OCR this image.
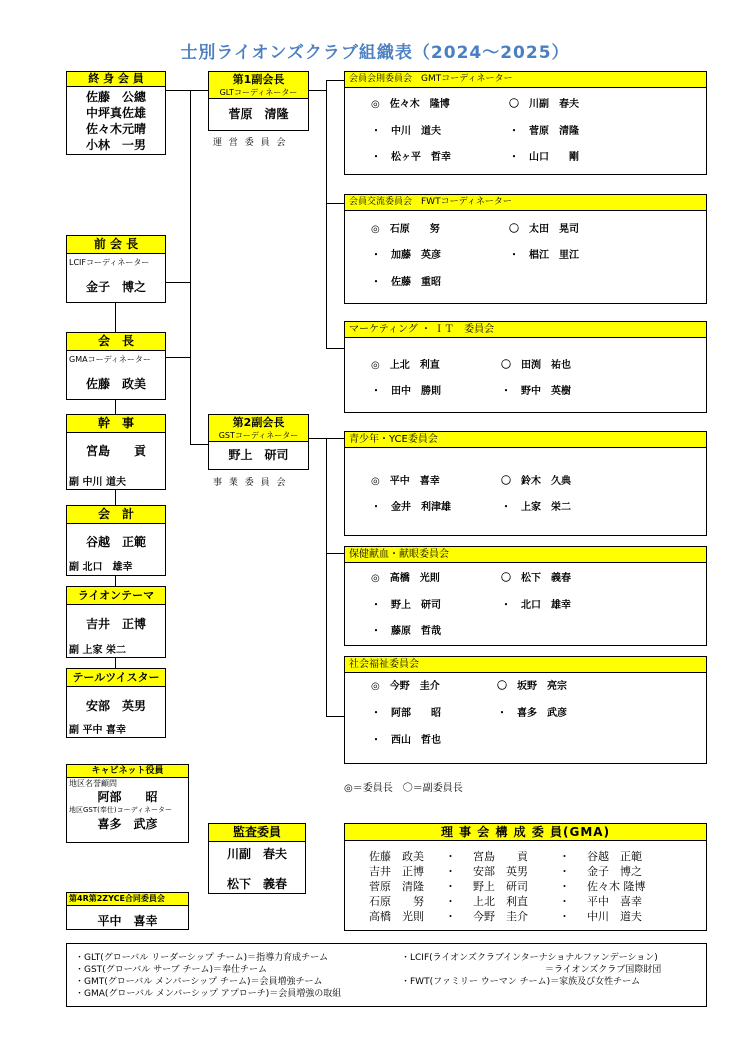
士別ライオンズクラブ組織表（2024～2025）
終 身 会 員
佐藤　公總
中坪真佐雄
佐々木元晴
小林　一男
前 会 長
LCIFコーディネーター
金子　博之
会　長
GMAコーディネーター
佐藤　政美
幹　事
宮島　　貢
副 中川 道夫
会　計
谷越　正範
副 北口　雄幸
ライオンテーマ
吉井　正博
副 上家 栄二
テールツイスター
安部　英男
副 平中 喜幸
キャビネット役員
地区名誉顧問
阿部　　昭
地区GST(奉仕)コーディネーター
喜多　武彦
第4R第2ZYCE合同委員会
平中　喜幸
第1副会長
GLTコーディネーター
菅原　清隆
運 営 委 員 会
第2副会長
GSTコーディネーター
野上　研司
事 業 委 員 会
監査委員
川副　春夫
松下　義春
会員会則委員会　GMTコーディネーター
◎　佐々木　隆博	〇　川副　春夫
・　中川　道夫	・　菅原　清隆
・　松ヶ平　哲幸	・　山口　　剛
会員交流委員会　FWTコーディネーター
◎　石原　　努	〇　太田　晃司
・　加藤　英彦	・　椙江　里江
・　佐藤　重昭
マーケティング ・ ＩＴ　委員会
◎　上北　利直	〇　田渕　祐也
・　田中　勝則	・　野中　英樹
青少年・YCE委員会
◎　平中　喜幸	〇　鈴木　久典
・　金井　利津雄	・　上家　栄二
保健献血・献眼委員会
◎　高橋　光則	〇　松下　義春
・　野上　研司	・　北口　雄幸
・　藤原　哲哉
社会福祉委員会
◎　今野　圭介	〇　坂野　亮宗
・　阿部　　昭	・　喜多　武彦
・　西山　哲也
◎＝委員長　〇＝副委員長
理 事 会 構 成 委 員(GMA)
佐藤　政美 ・ 宮島　　貢	・ 谷越　正範
吉井　正博 ・ 安部　英男	・ 金子　博之
菅原　清隆 ・ 野上　研司	・ 佐々木 隆博
石原　　努 ・ 上北　利直	・ 平中　喜幸
高橋　光則 ・ 今野　圭介	・ 中川　道夫
・GLT(グローバル リーダーシップ チーム)＝指導力育成チーム
・GST(グローバル サーブ チーム)＝奉仕チーム
・GMT(グローバル メンバーシップ チーム)＝会員増強チーム
・GMA(グローバル メンバーシップ アプローチ)＝会員増強の取組
・LCIF(ライオンズクラブインターナショナルファンデーション)
＝ライオンズクラブ国際財団
・FWT(ファミリー ウーマン チーム)＝家族及び女性チーム
